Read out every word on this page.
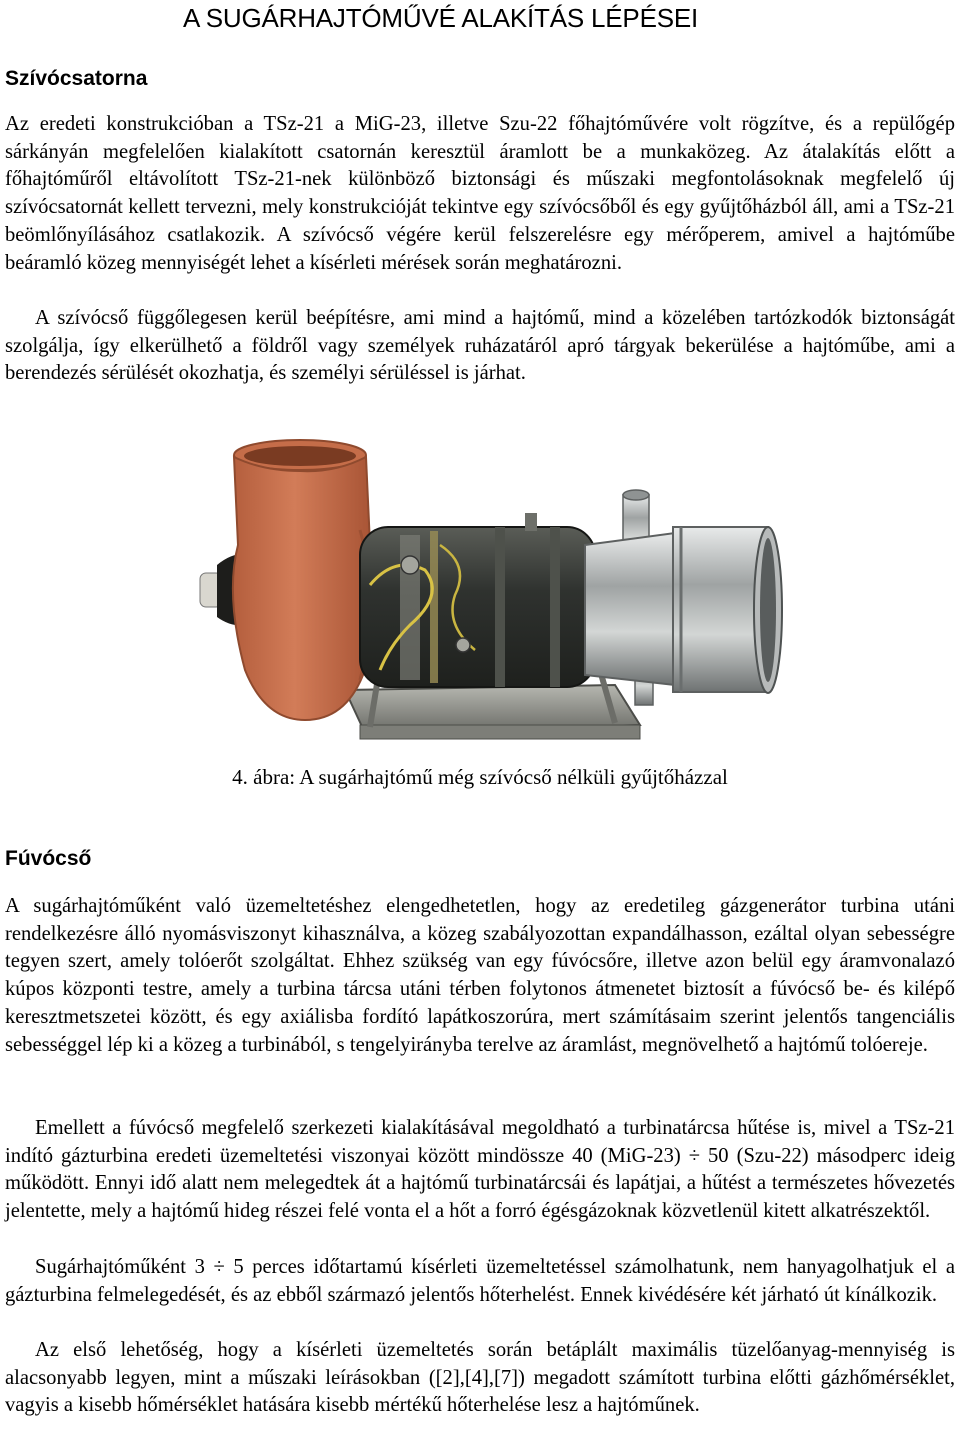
A SUGÁRHAJTÓMŰVÉ ALAKÍTÁS LÉPÉSEI
Szívócsatorna
Az eredeti konstrukcióban a TSz-21 a MiG-23, illetve Szu-22 főhajtóművére volt rögzítve, és a repülőgép sárkányán megfelelően kialakított csatornán keresztül áramlott be a munkaközeg. Az átalakítás előtt a főhajtóműről eltávolított TSz-21-nek különböző biztonsági és műszaki megfontolásoknak megfelelő új szívócsatornát kellett tervezni, mely konstrukcióját tekintve egy szívócsőből és egy gyűjtőházból áll, ami a TSz-21 beömlőnyílásához csatlakozik. A szívócső végére kerül felszerelésre egy mérőperem, amivel a hajtóműbe beáramló közeg mennyiségét lehet a kísérleti mérések során meghatározni.
A szívócső függőlegesen kerül beépítésre, ami mind a hajtómű, mind a közelében tartózkodók biztonságát szolgálja, így elkerülhető a földről vagy személyek ruházatáról apró tárgyak bekerülése a hajtóműbe, ami a berendezés sérülését okozhatja, és személyi sérüléssel is járhat.
4. ábra: A sugárhajtómű még szívócső nélküli gyűjtőházzal
Fúvócső
A sugárhajtóműként való üzemeltetéshez elengedhetetlen, hogy az eredetileg gázgenerátor turbina utáni rendelkezésre álló nyomásviszonyt kihasználva, a közeg szabályozottan expandálhasson, ezáltal olyan sebességre tegyen szert, amely tolóerőt szolgáltat. Ehhez szükség van egy fúvócsőre, illetve azon belül egy áramvonalazó kúpos központi testre, amely a turbina tárcsa utáni térben folytonos átmenetet biztosít a fúvócső be- és kilépő keresztmetszetei között, és egy axiálisba fordító lapátkoszorúra, mert számításaim szerint jelentős tangenciális sebességgel lép ki a közeg a turbinából, s tengelyirányba terelve az áramlást, megnövelhető a hajtómű tolóereje.
Emellett a fúvócső megfelelő szerkezeti kialakításával megoldható a turbinatárcsa hűtése is, mivel a TSz-21 indító gázturbina eredeti üzemeltetési viszonyai között mindössze 40 (MiG-23) ÷ 50 (Szu-22) másodperc ideig működött. Ennyi idő alatt nem melegedtek át a hajtómű turbinatárcsái és lapátjai, a hűtést a természetes hővezetés jelentette, mely a hajtómű hideg részei felé vonta el a hőt a forró égésgázoknak közvetlenül kitett alkatrészektől.
Sugárhajtóműként 3 ÷ 5 perces időtartamú kísérleti üzemeltetéssel számolhatunk, nem hanyagolhatjuk el a gázturbina felmelegedését, és az ebből származó jelentős hőterhelést. Ennek kivédésére két járható út kínálkozik.
Az első lehetőség, hogy a kísérleti üzemeltetés során betáplált maximális tüzelőanyag-mennyiség is alacsonyabb legyen, mint a műszaki leírásokban ([2],[4],[7]) megadott számított turbina előtti gázhőmérséklet, vagyis a kisebb hőmérséklet hatására kisebb mértékű hőterhelése lesz a hajtóműnek.
